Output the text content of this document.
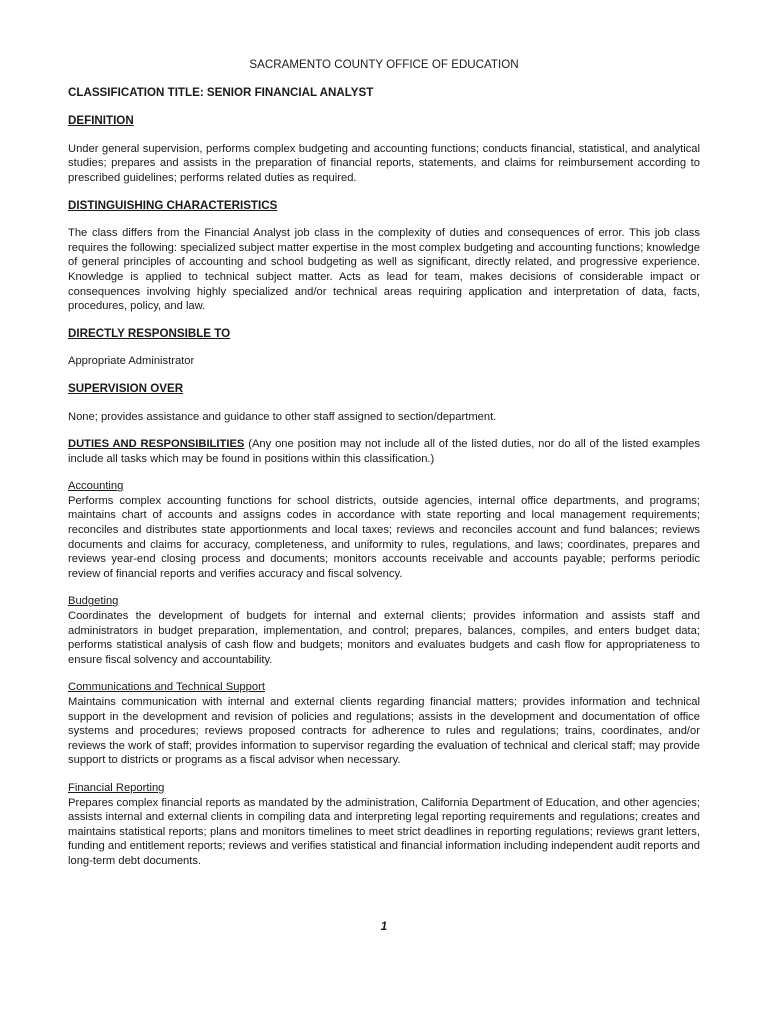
SACRAMENTO COUNTY OFFICE OF EDUCATION
CLASSIFICATION TITLE: SENIOR FINANCIAL ANALYST
DEFINITION
Under general supervision, performs complex budgeting and accounting functions; conducts financial, statistical, and analytical studies; prepares and assists in the preparation of financial reports, statements, and claims for reimbursement according to prescribed guidelines; performs related duties as required.
DISTINGUISHING CHARACTERISTICS
The class differs from the Financial Analyst job class in the complexity of duties and consequences of error. This job class requires the following: specialized subject matter expertise in the most complex budgeting and accounting functions; knowledge of general principles of accounting and school budgeting as well as significant, directly related, and progressive experience. Knowledge is applied to technical subject matter. Acts as lead for team, makes decisions of considerable impact or consequences involving highly specialized and/or technical areas requiring application and interpretation of data, facts, procedures, policy, and law.
DIRECTLY RESPONSIBLE TO
Appropriate Administrator
SUPERVISION OVER
None; provides assistance and guidance to other staff assigned to section/department.
DUTIES AND RESPONSIBILITIES (Any one position may not include all of the listed duties, nor do all of the listed examples include all tasks which may be found in positions within this classification.)
Accounting
Performs complex accounting functions for school districts, outside agencies, internal office departments, and programs; maintains chart of accounts and assigns codes in accordance with state reporting and local management requirements; reconciles and distributes state apportionments and local taxes; reviews and reconciles account and fund balances; reviews documents and claims for accuracy, completeness, and uniformity to rules, regulations, and laws; coordinates, prepares and reviews year-end closing process and documents; monitors accounts receivable and accounts payable; performs periodic review of financial reports and verifies accuracy and fiscal solvency.
Budgeting
Coordinates the development of budgets for internal and external clients; provides information and assists staff and administrators in budget preparation, implementation, and control; prepares, balances, compiles, and enters budget data; performs statistical analysis of cash flow and budgets; monitors and evaluates budgets and cash flow for appropriateness to ensure fiscal solvency and accountability.
Communications and Technical Support
Maintains communication with internal and external clients regarding financial matters; provides information and technical support in the development and revision of policies and regulations; assists in the development and documentation of office systems and procedures; reviews proposed contracts for adherence to rules and regulations; trains, coordinates, and/or reviews the work of staff; provides information to supervisor regarding the evaluation of technical and clerical staff; may provide support to districts or programs as a fiscal advisor when necessary.
Financial Reporting
Prepares complex financial reports as mandated by the administration, California Department of Education, and other agencies; assists internal and external clients in compiling data and interpreting legal reporting requirements and regulations; creates and maintains statistical reports; plans and monitors timelines to meet strict deadlines in reporting regulations; reviews grant letters, funding and entitlement reports; reviews and verifies statistical and financial information including independent audit reports and long-term debt documents.
1
